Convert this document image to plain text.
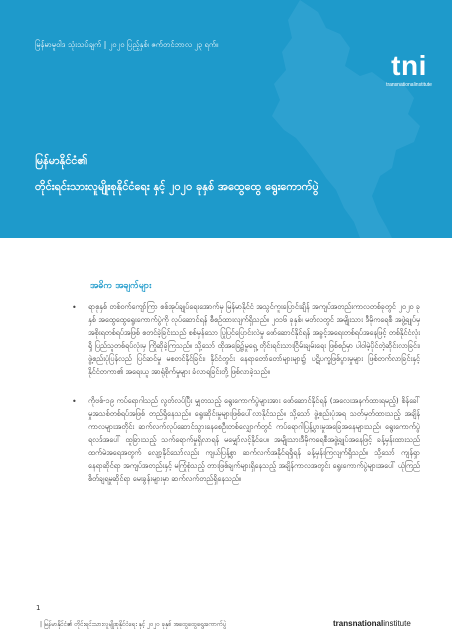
မြန်မာမူဝါဒ သုံးသပ်ချက် | ၂၀၂၀ ပြည့်နှစ်၊ ဇက်တင်ဘာလ ၂၃ ရက်။
tni
transnationalinstitute
မြန်မာနိုင်ငံ၏
တိုင်းရင်းသားလူမျိုးစုနိုင်ငံရေး နှင့် ၂၀၂၀ ခုနှစ် အထွေထွေ ရွေးကောက်ပွဲ
အဓိက အချက်များ
• ရာစုနှစ် တစ်ဝက်ကျော်ကြာ စစ်အုပ်ချုပ်ရေးအောက်မှ မြန်မာနိုင်ငံ အသွင်ကူးပြောင်းချိန် အကျပ်အတည်းကာလတစ်ခုတွင် ၂၀၂၀ ခုနှစ် အထွေထွေရွေးကောက်ပွဲကို လုပ်ဆောင်ရန် စီစဉ်ထားလျက်ရှိသည်။ ၂၀၁၆ ခုနှစ်၊ မတ်လတွင် အမျိုးသား ဒီမိုကရေစီ အဖွဲ့ချုပ်မှ အစိုးရတစ်ရပ်အဖြစ် စတင်ခဲ့ခြင်းသည် စစ်မှန်သော ပြုပြင်ပြောင်းလဲမှု ဖော်ဆောင်နိုင်ရန် အခွင့်အရေးတစ်ရပ်အနေဖြင့် တစ်နိုင်ငံလုံးရှိ ပြည်သူတစ်ရပ်လုံးမှ ကြိုဆိုခဲ့ကြသည်။ သို့သော် ထိုအခြေ၌မှုရှေ့ တိုင်းရင်းသားငြိမ်းချမ်းရေး ဖြစ်စဉ်မှာ ပါဝါမဲ့ပိုင်တဲ့ဆိုင်းလာခြင်း၊ ဖွဲ့စည်းပုံပြန်လည် ပြင်ဆင်မှု မစတင်နိုင်ခြင်း၊ နိုင်ငံတွင်း နေရာတော်တော်များများ၌ ပဋိပက္ခဖြစ်ပွားမှုများ ဖြစ်တက်လာခြင်းနှင့် နိုင်ငံတကာ၏ အရေးယူ အာရုံစိုက်မှုများ ခံလာရခြင်းတို့ ဖြစ်လာခဲ့သည်။
• ကိုဗစ်-၁၉ ကပ်ရောဂါသည် လွတ်လပ်ပြီး မျှတသည့် ရွေးကောက်ပွဲများအား ဖော်ဆောင်နိုင်ရန် (အလေးအနက်ထားရမည့်) စိန်ခေါ်မှုအသစ်တစ်ရပ်အဖြစ် တည်ရှိနေသည်။ ရွေးဆိုင်းမှုများဖြစ်ပေါ်လာနိုင်သည်။ သို့သော် ဖွဲ့စည်းပုံအရ သတ်မှတ်ထားသည့် အချိန်ကာလများအတိုင်း ဆက်လက်လုပ်ဆောင်သွားနေစေဦးတစ်လျှောက်တွင် ကပ်ရောဂါပြန့်ပွားမှုအခြေအနေများသည်၊ ရွေးကောက်ပွဲရလဒ်အပေါ် ထူခြားသည့် သက်ရောက်မှုရှိလာရန် မမျှော်လင့်နိုင်ပေ။ အမျိုးသားဒီမိုကရေစီအဖွဲ့ချုပ်အနေဖြင့် ခန့်မှန်းထားသည်ထက်မဲအရေအတွက် လျော့နိုင်သော်လည်း ကျယ်ပြန့်စွာ ဆက်လက်အနိုင်ရရှိရန် ခန့်မှန်းကြလျက်ရှိသည်။ သို့သော် ကျန်ရှာနေရာ‌ဆိုင်ရာ အကျပ်အတည်းနှင့် မကြုံစုံသည့် တားဖြစ်ချက်များရှိနေသည့် အချိန်ကာလအတွင်း ရွေးကောက်ပွဲများအပေါ် ယုံကြည်စိတ်ချရမှုဆိုင်ရာ မေးခွန်းများမှာ ဆက်လက်တည်ရှိနေသည်။
1
| မြန်မာနိုင်ငံ၏ တိုင်းရင်းသားလူမျိုးစုနိုင်ငံရေး နှင့် ၂၀၂၀ ခုနှစ် အထွေထွေရွေးကောက်ပွဲ	transnationalinstitute
